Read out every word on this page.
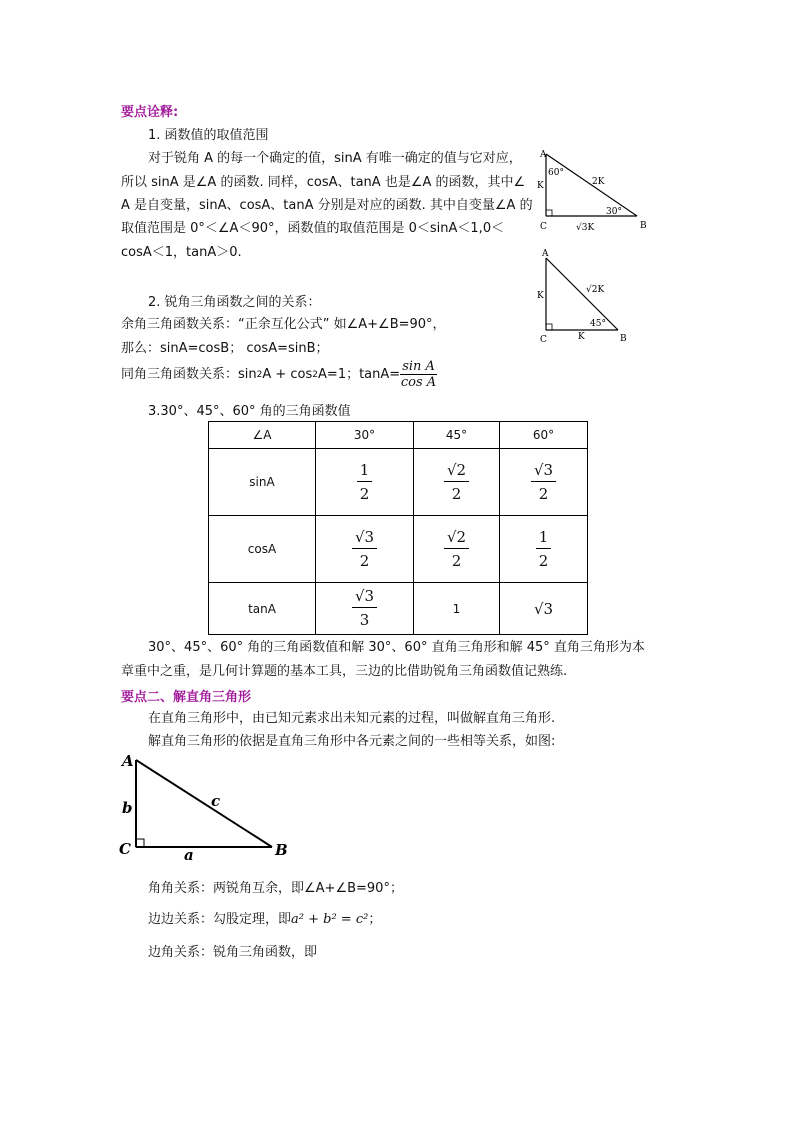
要点诠释:
1. 函数值的取值范围
对于锐角 A 的每一个确定的值，sinA 有唯一确定的值与它对应，
所以 sinA 是∠A 的函数. 同样，cosA、tanA 也是∠A 的函数，其中∠
A 是自变量，sinA、cosA、tanA 分别是对应的函数. 其中自变量∠A 的
取值范围是 0°＜∠A＜90°，函数值的取值范围是 0＜sinA＜1,0＜
cosA＜1，tanA＞0.
A
60°
K	2K
30°
C	√3K	B
A
K
√2K
45°
C	K	B
2. 锐角三角函数之间的关系：
余角三角函数关系：“正余互化公式” 如∠A+∠B=90°，
那么：sinA=cosB； cosA=sinB；
同角三角函数关系：sin 2 A + cos 2 A=1；$\tan A= \frac{\text{sin A}}{\text{cos A}}$
3.30°、45°、60° 角的三角函数值
∠A	30°	45°	60°
sinA	$\frac{1}{2}$	$\frac{√2}{2}$	$\frac{√3}{2}$

cosA	$\frac{√3}{2}$	$\frac{√2}{2}$	$\frac{1}{2}$

tanA	$\frac{√3}{3}$	1	√3
30°、45°、60° 角的三角函数值和解 30°、60° 直角三角形和解 45° 直角三角形为本
章重中之重，是几何计算题的基本工具，三边的比借助锐角三角函数值记熟练.
要点二、解直角三角形
在直角三角形中，由已知元素求出未知元素的过程，叫做解直角三角形.
解直角三角形的依据是直角三角形中各元素之间的一些相等关系，如图:
A
b	c
C	a	B
角角关系：两锐角互余，即∠A+∠B=90°；
边边关系：勾股定理，即a² + b² = c²；
边角关系：锐角三角函数，即
